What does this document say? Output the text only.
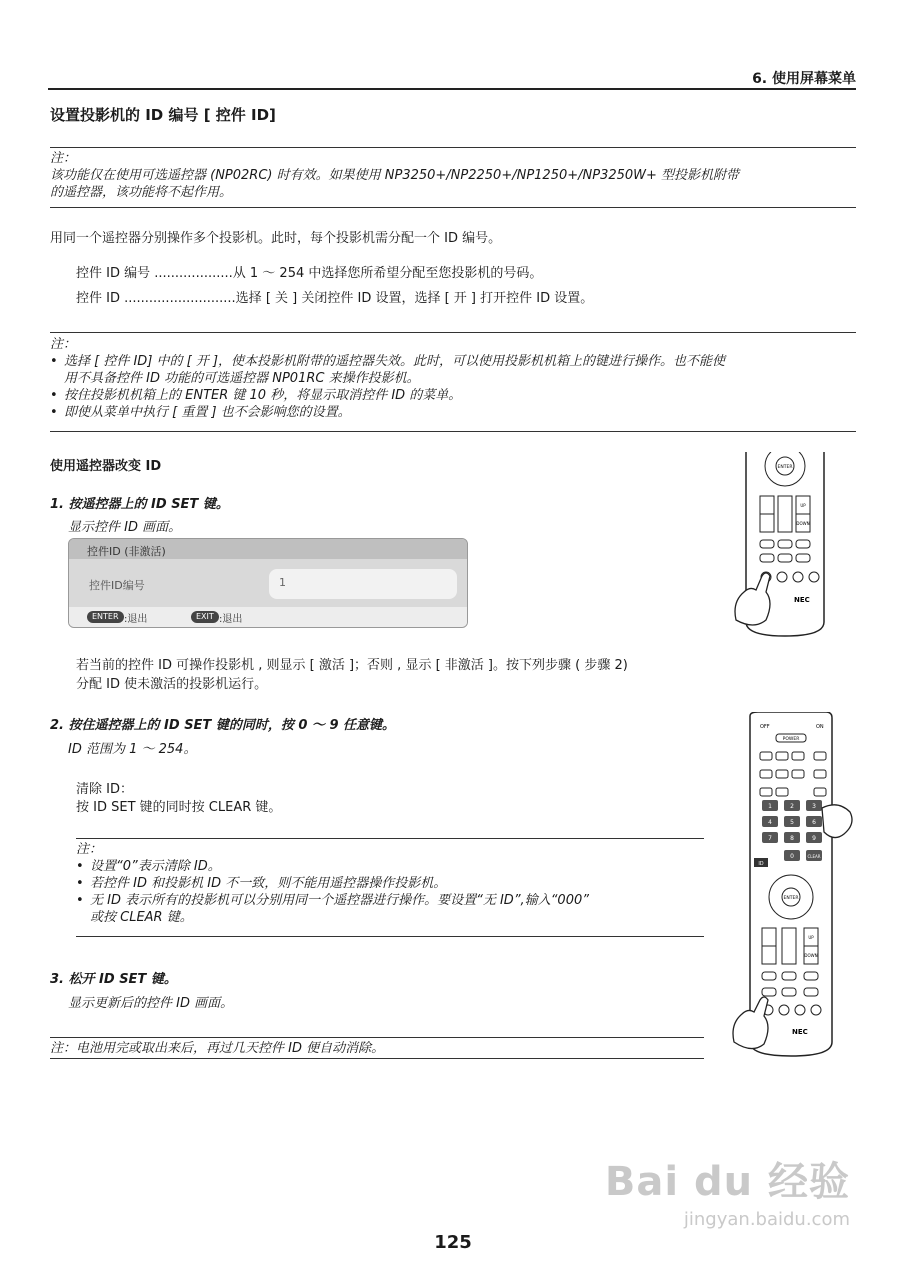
6. 使用屏幕菜单
设置投影机的 ID 编号 [ 控件 ID]
注：
该功能仅在使用可选遥控器 (NP02RC) 时有效。如果使用 NP3250+/NP2250+/NP1250+/NP3250W+ 型投影机附带
的遥控器，该功能将不起作用。
用同一个遥控器分别操作多个投影机。此时，每个投影机需分配一个 ID 编号。
控件 ID 编号 ...................从 1 ～ 254 中选择您所希望分配至您投影机的号码。
控件 ID ...........................选择 [ 关 ] 关闭控件 ID 设置，选择 [ 开 ] 打开控件 ID 设置。
注：
• 选择 [ 控件 ID] 中的 [ 开 ]，使本投影机附带的遥控器失效。此时，可以使用投影机机箱上的键进行操作。也不能使
用不具备控件 ID 功能的可选遥控器 NP01RC 来操作投影机。
• 按住投影机机箱上的 ENTER 键 10 秒，将显示取消控件 ID 的菜单。
• 即使从菜单中执行 [ 重置 ] 也不会影响您的设置。
使用遥控器改变 ID
1. 按遥控器上的 ID SET 键。
显示控件 ID 画面。
控件ID (非激活)
控件ID编号	1
ENTER :退出	EXIT :退出
若当前的控件 ID 可操作投影机 , 则显示 [ 激活 ]；否则 , 显示 [ 非激活 ]。按下列步骤 ( 步骤 2)
分配 ID 使未激活的投影机运行。
2. 按住遥控器上的 ID SET 键的同时，按 0 ～ 9 任意键。
ID 范围为 1 ～ 254。
清除 ID：
按 ID SET 键的同时按 CLEAR 键。
注：
• 设置“0”表示清除 ID。
• 若控件 ID 和投影机 ID 不一致，则不能用遥控器操作投影机。
• 无 ID 表示所有的投影机可以分别用同一个遥控器进行操作。要设置“无 ID”,输入“000”
或按 CLEAR 键。
3. 松开 ID SET 键。
显示更新后的控件 ID 画面。
注：电池用完或取出来后，再过几天控件 ID 便自动消除。
ENTER
UP
DOWN
NEC
OFF	ON
POWER
1	2	3
4	5	6
7	8	9
0	CLEAR
ID
ENTER
UP
DOWN
NEC
Bai du 经验
jingyan.baidu.com
125
